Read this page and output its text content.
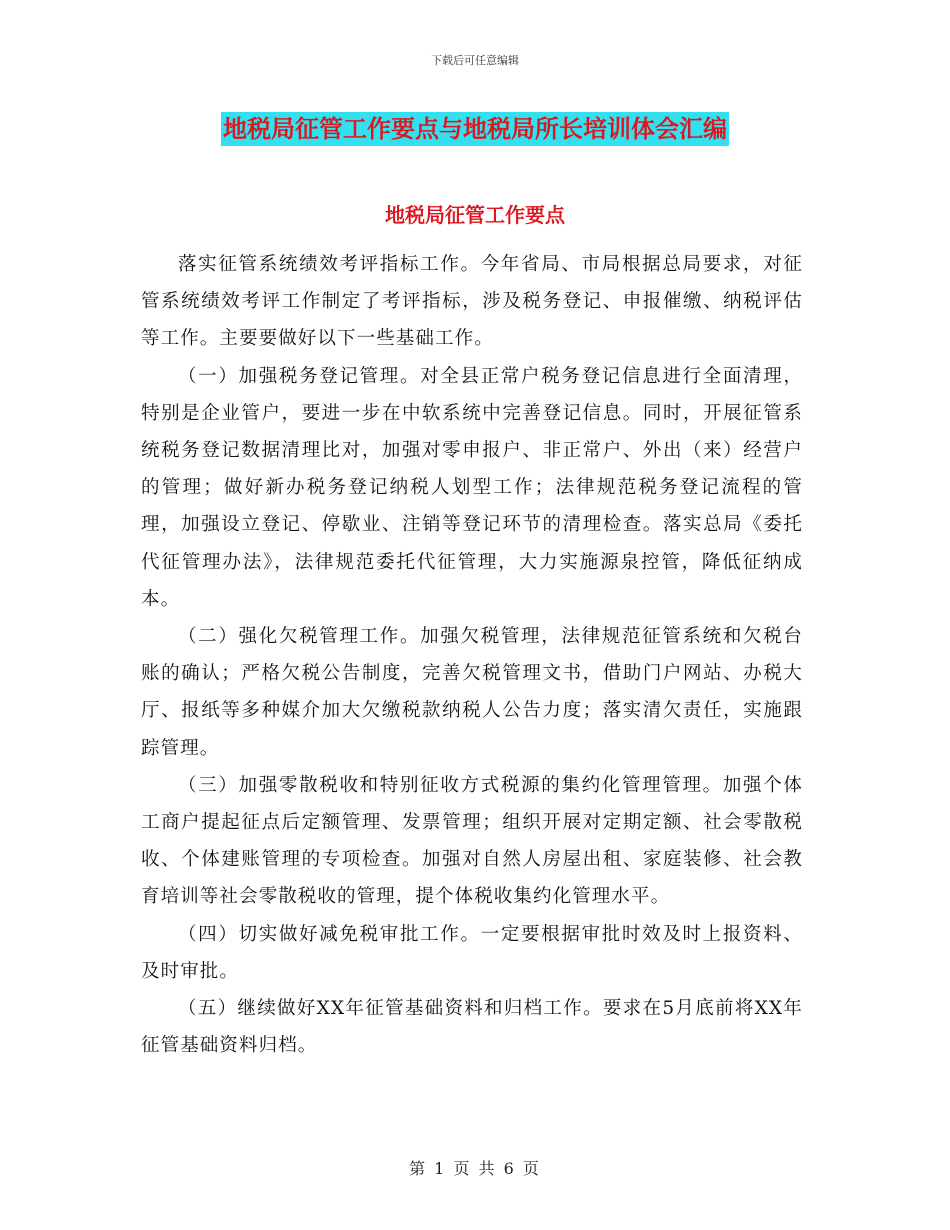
下载后可任意编辑
地税局征管工作要点与地税局所长培训体会汇编
地税局征管工作要点

落实征管系统绩效考评指标工作。今年省局、市局根据总局要求，对征管系统绩效考评工作制定了考评指标，涉及税务登记、申报催缴、纳税评估等工作。主要要做好以下一些基础工作。

（一）加强税务登记管理。对全县正常户税务登记信息进行全面清理，特别是企业管户，要进一步在中软系统中完善登记信息。同时，开展征管系统税务登记数据清理比对，加强对零申报户、非正常户、外出（来）经营户的管理；做好新办税务登记纳税人划型工作；法律规范税务登记流程的管理，加强设立登记、停歇业、注销等登记环节的清理检查。落实总局《委托代征管理办法》，法律规范委托代征管理，大力实施源泉控管，降低征纳成本。

（二）强化欠税管理工作。加强欠税管理，法律规范征管系统和欠税台账的确认；严格欠税公告制度，完善欠税管理文书，借助门户网站、办税大厅、报纸等多种媒介加大欠缴税款纳税人公告力度；落实清欠责任，实施跟踪管理。

（三）加强零散税收和特别征收方式税源的集约化管理管理。加强个体工商户提起征点后定额管理、发票管理；组织开展对定期定额、社会零散税收、个体建账管理的专项检查。加强对自然人房屋出租、家庭装修、社会教育培训等社会零散税收的管理，提个体税收集约化管理水平。

（四）切实做好减免税审批工作。一定要根据审批时效及时上报资料、及时审批。

（五）继续做好XX年征管基础资料和归档工作。要求在5月底前将XX年征管基础资料归档。

第 1 页 共 6 页
